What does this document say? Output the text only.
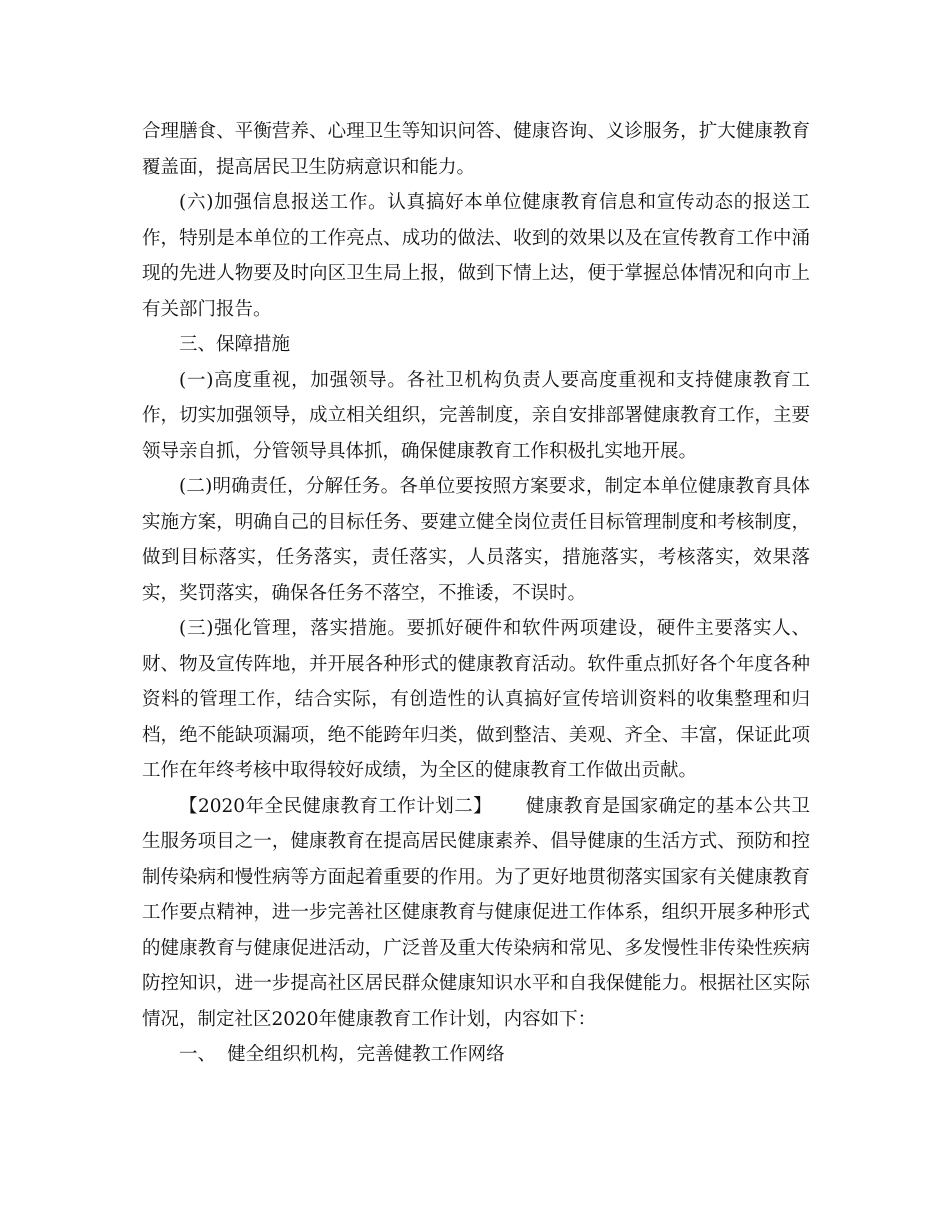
合理膳食、平衡营养、心理卫生等知识问答、健康咨询、义诊服务，扩大健康教育覆盖面，提高居民卫生防病意识和能力。

(六)加强信息报送工作。认真搞好本单位健康教育信息和宣传动态的报送工作，特别是本单位的工作亮点、成功的做法、收到的效果以及在宣传教育工作中涌现的先进人物要及时向区卫生局上报，做到下情上达，便于掌握总体情况和向市上有关部门报告。

三、保障措施

(一)高度重视，加强领导。各社卫机构负责人要高度重视和支持健康教育工作，切实加强领导，成立相关组织，完善制度，亲自安排部署健康教育工作，主要领导亲自抓，分管领导具体抓，确保健康教育工作积极扎实地开展。

(二)明确责任，分解任务。各单位要按照方案要求，制定本单位健康教育具体实施方案，明确自己的目标任务、要建立健全岗位责任目标管理制度和考核制度，做到目标落实，任务落实，责任落实，人员落实，措施落实，考核落实，效果落实，奖罚落实，确保各任务不落空，不推诿，不误时。

(三)强化管理，落实措施。要抓好硬件和软件两项建设，硬件主要落实人、财、物及宣传阵地，并开展各种形式的健康教育活动。软件重点抓好各个年度各种资料的管理工作，结合实际，有创造性的认真搞好宣传培训资料的收集整理和归档，绝不能缺项漏项，绝不能跨年归类，做到整洁、美观、齐全、丰富，保证此项工作在年终考核中取得较好成绩，为全区的健康教育工作做出贡献。

【2020年全民健康教育工作计划二】 健康教育是国家确定的基本公共卫生服务项目之一，健康教育在提高居民健康素养、倡导健康的生活方式、预防和控制传染病和慢性病等方面起着重要的作用。为了更好地贯彻落实国家有关健康教育工作要点精神，进一步完善社区健康教育与健康促进工作体系，组织开展多种形式的健康教育与健康促进活动，广泛普及重大传染病和常见、多发慢性非传染性疾病防控知识，进一步提高社区居民群众健康知识水平和自我保健能力。根据社区实际情况，制定社区2020年健康教育工作计划，内容如下：

一、 健全组织机构，完善健教工作网络
